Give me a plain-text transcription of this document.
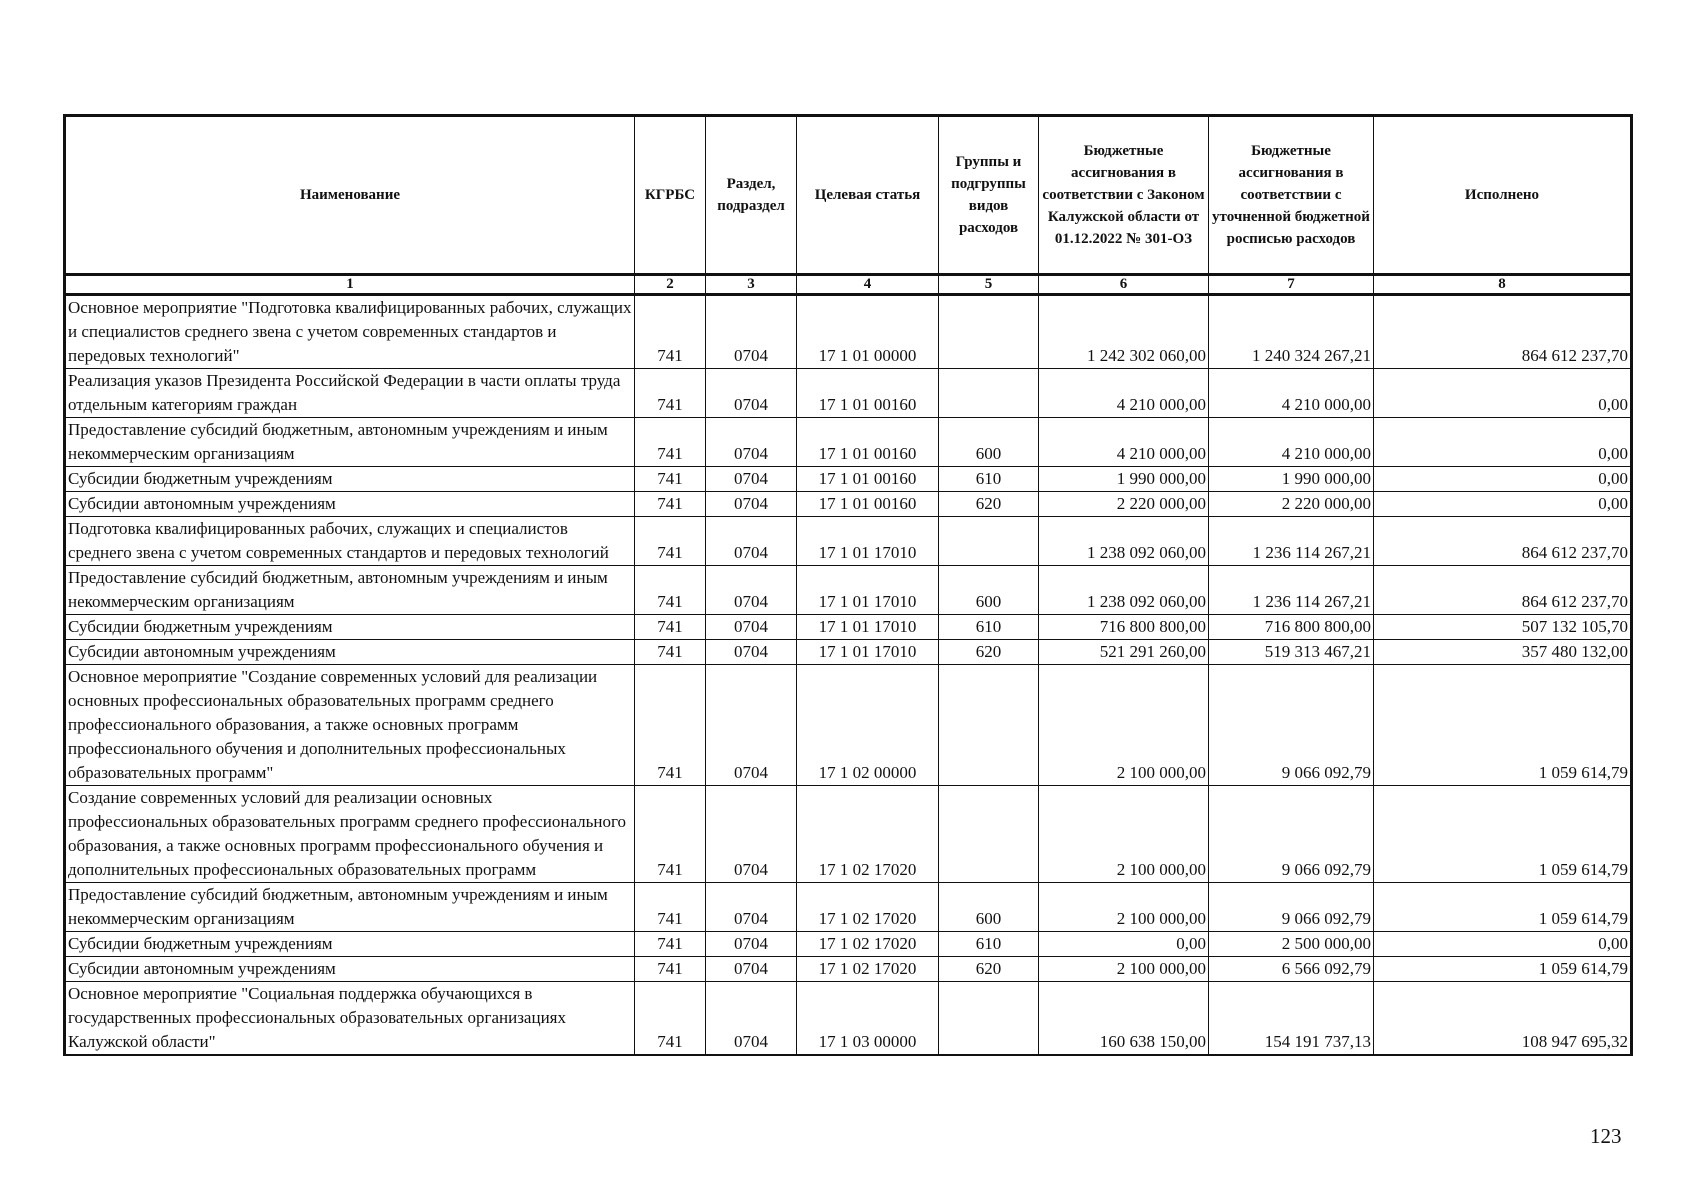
Наименование	КГРБС	Раздел, подраздел	Целевая статья	Группы и подгруппы видов расходов	Бюджетные ассигнования в соответствии с Законом Калужской области от 01.12.2022 № 301-ОЗ	Бюджетные ассигнования в соответствии с уточненной бюджетной росписью расходов	Исполнено
1	2	3	4	5	6	7	8
Основное мероприятие "Подготовка квалифицированных рабочих, служащих и специалистов среднего звена с учетом современных стандартов и передовых технологий"	741	0704	17 1 01 00000		1 242 302 060,00	1 240 324 267,21	864 612 237,70
Реализация указов Президента Российской Федерации в части оплаты труда отдельным категориям граждан	741	0704	17 1 01 00160		4 210 000,00	4 210 000,00	0,00
Предоставление субсидий бюджетным, автономным учреждениям и иным некоммерческим организациям	741	0704	17 1 01 00160	600	4 210 000,00	4 210 000,00	0,00
Субсидии бюджетным учреждениям	741	0704	17 1 01 00160	610	1 990 000,00	1 990 000,00	0,00
Субсидии автономным учреждениям	741	0704	17 1 01 00160	620	2 220 000,00	2 220 000,00	0,00
Подготовка квалифицированных рабочих, служащих и специалистов среднего звена с учетом современных стандартов и передовых технологий	741	0704	17 1 01 17010		1 238 092 060,00	1 236 114 267,21	864 612 237,70
Предоставление субсидий бюджетным, автономным учреждениям и иным некоммерческим организациям	741	0704	17 1 01 17010	600	1 238 092 060,00	1 236 114 267,21	864 612 237,70
Субсидии бюджетным учреждениям	741	0704	17 1 01 17010	610	716 800 800,00	716 800 800,00	507 132 105,70
Субсидии автономным учреждениям	741	0704	17 1 01 17010	620	521 291 260,00	519 313 467,21	357 480 132,00
Основное мероприятие "Создание современных условий для реализации основных профессиональных образовательных программ среднего профессионального образования, а также основных программ профессионального обучения и дополнительных профессиональных образовательных программ"	741	0704	17 1 02 00000		2 100 000,00	9 066 092,79	1 059 614,79
Создание современных условий для реализации основных профессиональных образовательных программ среднего профессионального образования, а также основных программ профессионального обучения и дополнительных профессиональных образовательных программ	741	0704	17 1 02 17020		2 100 000,00	9 066 092,79	1 059 614,79
Предоставление субсидий бюджетным, автономным учреждениям и иным некоммерческим организациям	741	0704	17 1 02 17020	600	2 100 000,00	9 066 092,79	1 059 614,79
Субсидии бюджетным учреждениям	741	0704	17 1 02 17020	610	0,00	2 500 000,00	0,00
Субсидии автономным учреждениям	741	0704	17 1 02 17020	620	2 100 000,00	6 566 092,79	1 059 614,79
Основное мероприятие "Социальная поддержка обучающихся в государственных профессиональных образовательных организациях Калужской области"	741	0704	17 1 03 00000		160 638 150,00	154 191 737,13	108 947 695,32
123
